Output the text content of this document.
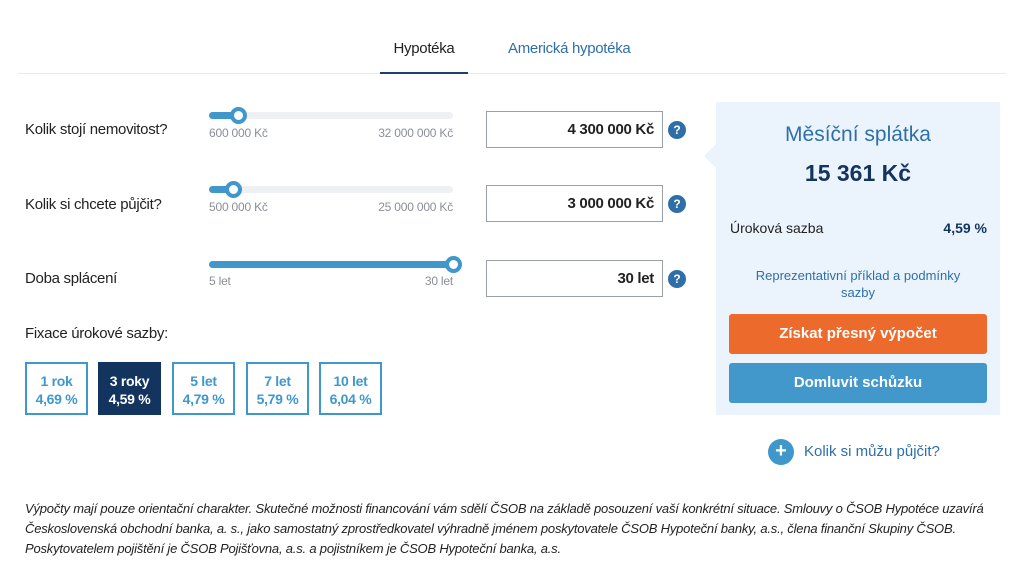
Hypotéka	Americká hypotéka
Kolik stojí nemovitost?	600 000 Kč	32 000 000 Kč	4 300 000 Kč	?
Kolik si chcete půjčit?	500 000 Kč	25 000 000 Kč	3 000 000 Kč	?
Doba splácení	5 let	30 let	30 let	?
Fixace úrokové sazby:
1 rok
4,69 %
3 roky
4,59 %
5 let
4,79 %
7 let
5,79 %
10 let
6,04 %
Měsíční splátka
15 361 Kč
Úroková sazba	4,59 %
Reprezentativní příklad a podmínky sazby
Získat přesný výpočet
Domluvit schůzku
+	Kolik si můžu půjčit?
Výpočty mají pouze orientační charakter. Skutečné možnosti financování vám sdělí ČSOB na základě posouzení vaší konkrétní situace. Smlouvy o ČSOB Hypotéce uzavírá Československá obchodní banka, a. s., jako samostatný zprostředkovatel výhradně jménem poskytovatele ČSOB Hypoteční banky, a.s., člena finanční Skupiny ČSOB. Poskytovatelem pojištění je ČSOB Pojišťovna, a.s. a pojistníkem je ČSOB Hypoteční banka, a.s.
